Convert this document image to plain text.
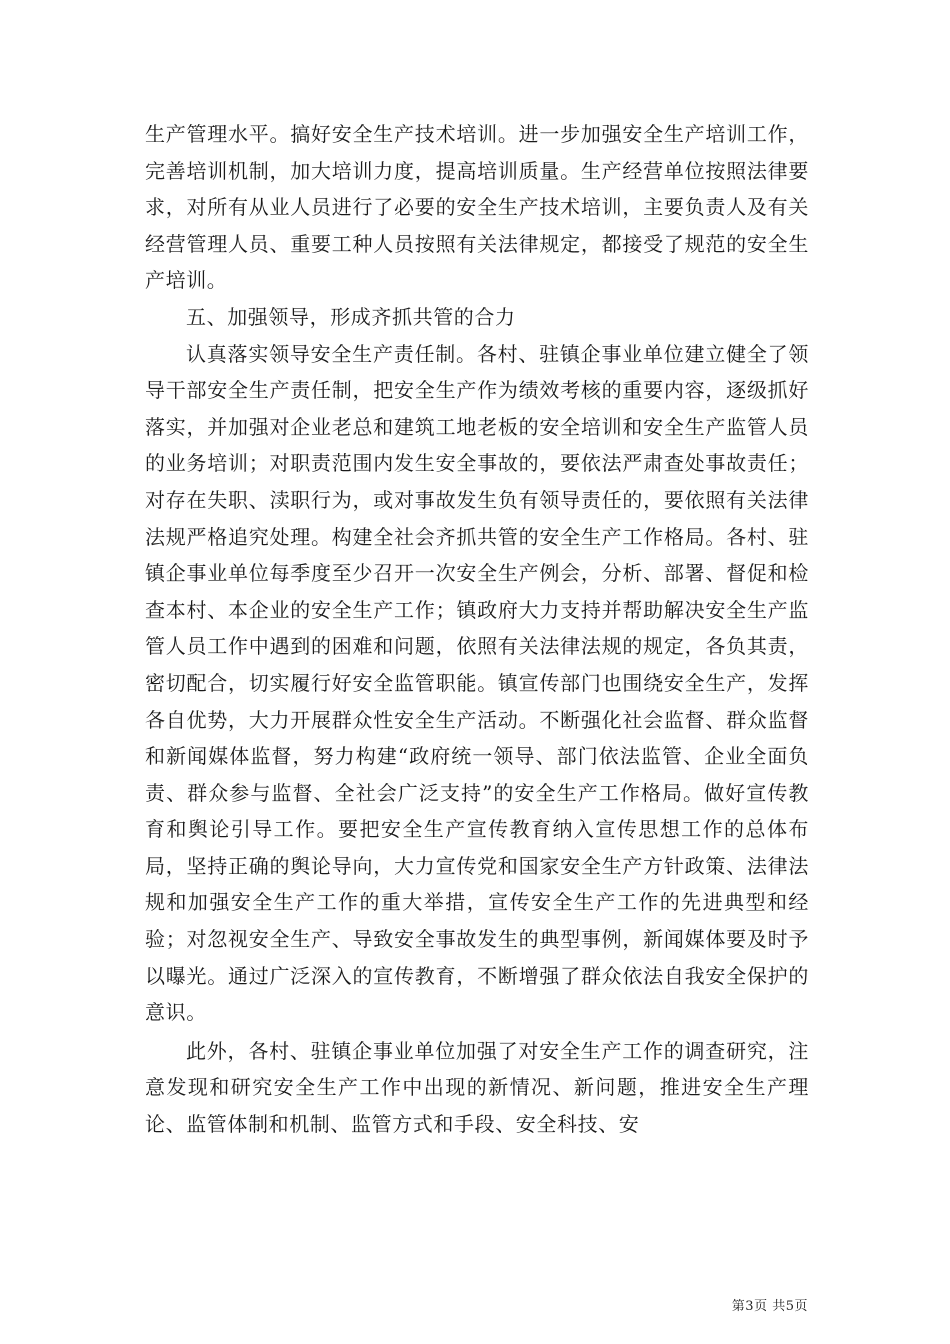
生产管理水平。搞好安全生产技术培训。进一步加强安全生产培训工作，完善培训机制，加大培训力度，提高培训质量。生产经营单位按照法律要求，对所有从业人员进行了必要的安全生产技术培训，主要负责人及有关经营管理人员、重要工种人员按照有关法律规定，都接受了规范的安全生产培训。

五、加强领导，形成齐抓共管的合力

认真落实领导安全生产责任制。各村、驻镇企事业单位建立健全了领导干部安全生产责任制，把安全生产作为绩效考核的重要内容，逐级抓好落实，并加强对企业老总和建筑工地老板的安全培训和安全生产监管人员的业务培训；对职责范围内发生安全事故的，要依法严肃查处事故责任；对存在失职、渎职行为，或对事故发生负有领导责任的，要依照有关法律法规严格追究处理。构建全社会齐抓共管的安全生产工作格局。各村、驻镇企事业单位每季度至少召开一次安全生产例会，分析、部署、督促和检查本村、本企业的安全生产工作；镇政府大力支持并帮助解决安全生产监管人员工作中遇到的困难和问题，依照有关法律法规的规定，各负其责，密切配合，切实履行好安全监管职能。镇宣传部门也围绕安全生产，发挥各自优势，大力开展群众性安全生产活动。不断强化社会监督、群众监督和新闻媒体监督，努力构建“政府统一领导、部门依法监管、企业全面负责、群众参与监督、全社会广泛支持”的安全生产工作格局。做好宣传教育和舆论引导工作。要把安全生产宣传教育纳入宣传思想工作的总体布局，坚持正确的舆论导向，大力宣传党和国家安全生产方针政策、法律法规和加强安全生产工作的重大举措，宣传安全生产工作的先进典型和经验；对忽视安全生产、导致安全事故发生的典型事例，新闻媒体要及时予以曝光。通过广泛深入的宣传教育，不断增强了群众依法自我安全保护的意识。

此外，各村、驻镇企事业单位加强了对安全生产工作的调查研究，注意发现和研究安全生产工作中出现的新情况、新问题，推进安全生产理论、监管体制和机制、监管方式和手段、安全科技、安

第3页 共5页
